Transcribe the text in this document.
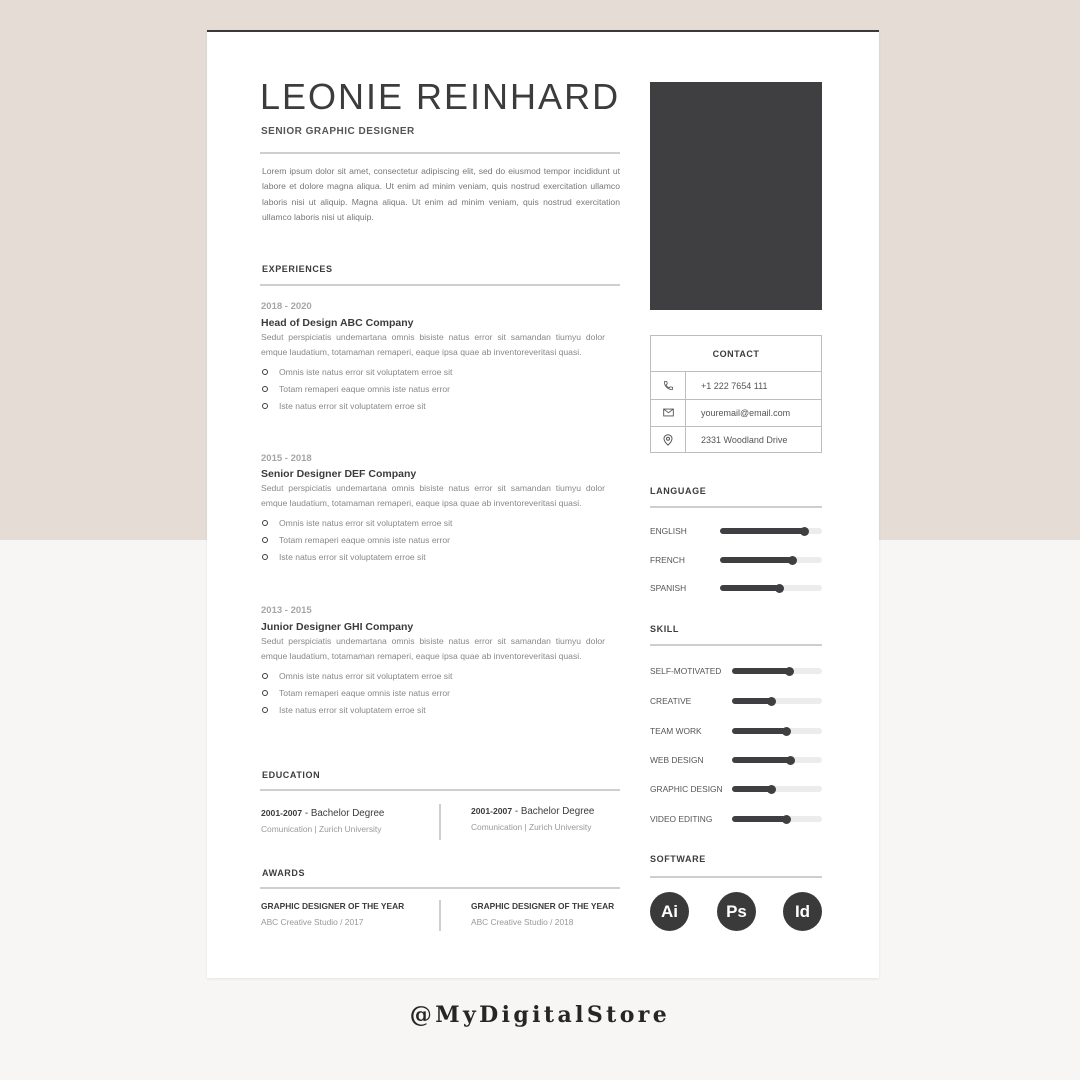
LEONIE REINHARD
SENIOR GRAPHIC DESIGNER
Lorem ipsum dolor sit amet, consectetur adipiscing elit, sed do eiusmod tempor incididunt ut labore et dolore magna aliqua. Ut enim ad minim veniam, quis nostrud exercitation ullamco laboris nisi ut aliquip. Magna aliqua. Ut enim ad minim veniam, quis nostrud exercitation ullamco laboris nisi ut aliquip.
EXPERIENCES
2018 - 2020
Head of Design ABC Company
Sedut perspiciatis undemartana omnis bisiste natus error sit samandan tiumyu dolor emque laudatium, totamaman remaperi, eaque ipsa quae ab inventoreveritasi quasi.
Omnis iste natus error sit voluptatem erroe sit
Totam remaperi eaque omnis iste natus error
Iste natus error sit voluptatem erroe sit
2015 - 2018
Senior Designer DEF Company
Sedut perspiciatis undemartana omnis bisiste natus error sit samandan tiumyu dolor emque laudatium, totamaman remaperi, eaque ipsa quae ab inventoreveritasi quasi.
Omnis iste natus error sit voluptatem erroe sit
Totam remaperi eaque omnis iste natus error
Iste natus error sit voluptatem erroe sit
2013 - 2015
Junior Designer GHI Company
Sedut perspiciatis undemartana omnis bisiste natus error sit samandan tiumyu dolor emque laudatium, totamaman remaperi, eaque ipsa quae ab inventoreveritasi quasi.
Omnis iste natus error sit voluptatem erroe sit
Totam remaperi eaque omnis iste natus error
Iste natus error sit voluptatem erroe sit
EDUCATION
2001-2007 - Bachelor Degree
Comunication | Zurich University
2001-2007 - Bachelor Degree
Comunication | Zurich University
AWARDS
GRAPHIC DESIGNER OF THE YEAR
ABC Creative Studio / 2017
GRAPHIC DESIGNER OF THE YEAR
ABC Creative Studio / 2018
CONTACT
+1 222 7654 111
youremail@email.com
2331 Woodland Drive
LANGUAGE
ENGLISH
FRENCH
SPANISH
SKILL
SELF-MOTIVATED
CREATIVE
TEAM WORK
WEB DESIGN
GRAPHIC DESIGN
VIDEO EDITING
SOFTWARE
Ai	Ps	Id
@MyDigitalStore
